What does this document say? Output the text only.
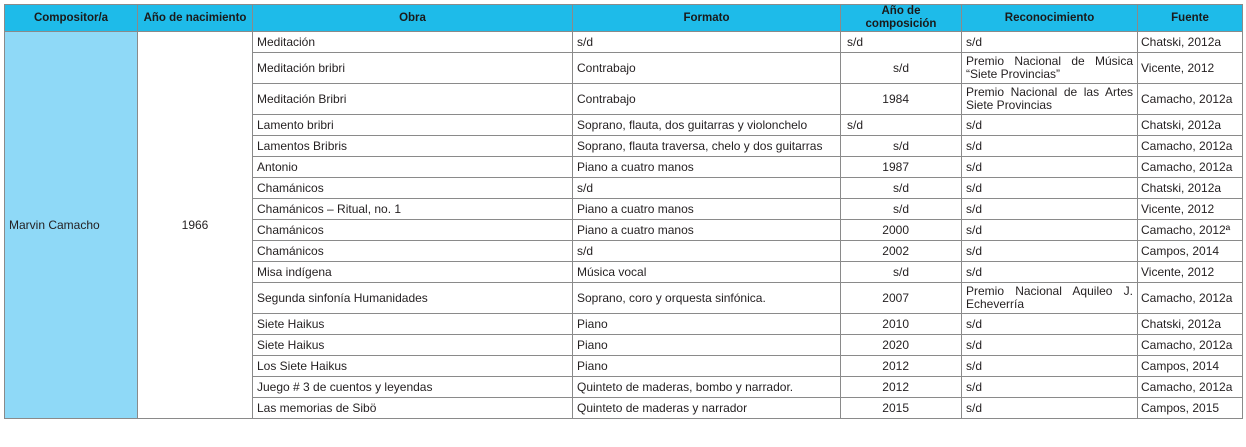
Compositor/a	Año de nacimiento	Obra	Formato	Año de composición	Reconocimiento	Fuente
Marvin Camacho	1966	Meditación	s/d	s/d	s/d	Chatski, 2012a
		Meditación bribri	Contrabajo	s/d	Premio Nacional de Música “Siete Provincias”	Vicente, 2012
		Meditación Bribri	Contrabajo	1984	Premio Nacional de las Artes Siete Provincias	Camacho, 2012a
		Lamento bribri	Soprano, flauta, dos guitarras y violonchelo	s/d	s/d	Chatski, 2012a
		Lamentos Bribris	Soprano, flauta traversa, chelo y dos guitarras	s/d	s/d	Camacho, 2012a
		Antonio	Piano a cuatro manos	1987	s/d	Camacho, 2012a
		Chamánicos	s/d	s/d	s/d	Chatski, 2012a
		Chamánicos – Ritual, no. 1	Piano a cuatro manos	s/d	s/d	Vicente, 2012
		Chamánicos	Piano a cuatro manos	2000	s/d	Camacho, 2012ª
		Chamánicos	s/d	2002	s/d	Campos, 2014
		Misa indígena	Música vocal	s/d	s/d	Vicente, 2012
		Segunda sinfonía Humanidades	Soprano, coro y orquesta sinfónica.	2007	Premio Nacional Aquileo J. Echeverría	Camacho, 2012a
		Siete Haikus	Piano	2010	s/d	Chatski, 2012a
		Siete Haikus	Piano	2020	s/d	Camacho, 2012a
		Los Siete Haikus	Piano	2012	s/d	Campos, 2014
		Juego # 3 de cuentos y leyendas	Quinteto de maderas, bombo y narrador.	2012	s/d	Camacho, 2012a
		Las memorias de Sibö	Quinteto de maderas y narrador	2015	s/d	Campos, 2015
